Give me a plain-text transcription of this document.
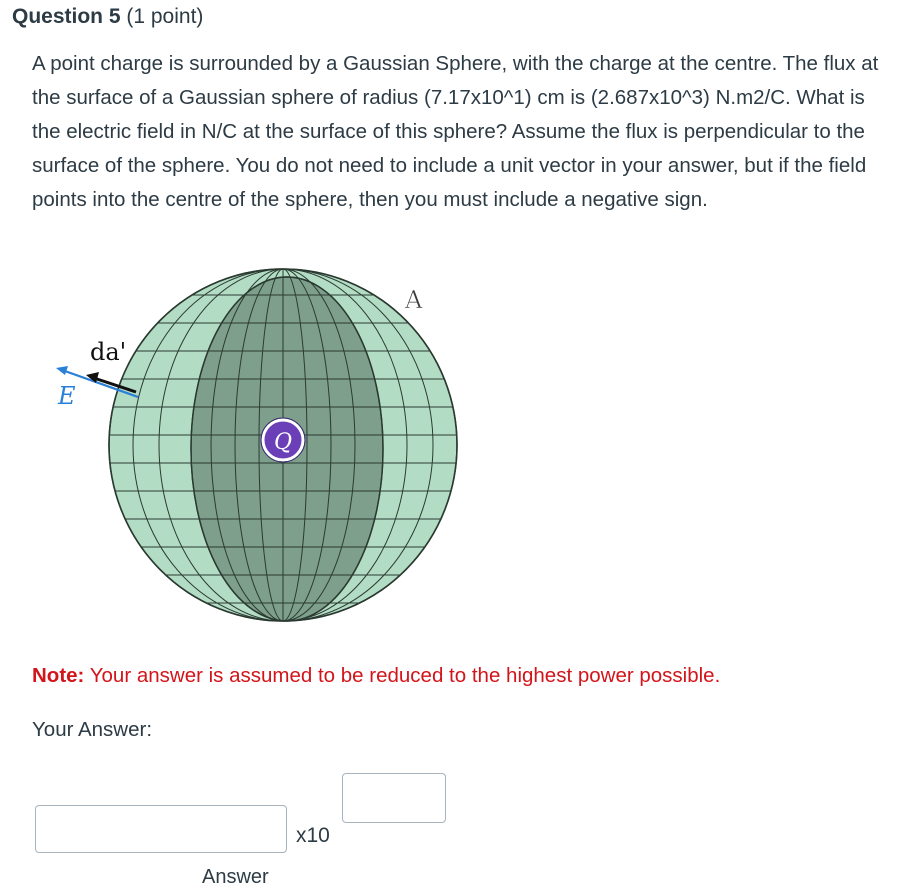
Question 5 (1 point)
A point charge is surrounded by a Gaussian Sphere, with the charge at the centre. The flux at the surface of a Gaussian sphere of radius (7.17x10^1) cm is (2.687x10^3) N.m2/C. What is the electric field in N/C at the surface of this sphere? Assume the flux is perpendicular to the surface of the sphere. You do not need to include a unit vector in your answer, but if the field points into the centre of the sphere, then you must include a negative sign.
da'
E
A
Q
Note: Your answer is assumed to be reduced to the highest power possible.
Your Answer:
x10
Answer
